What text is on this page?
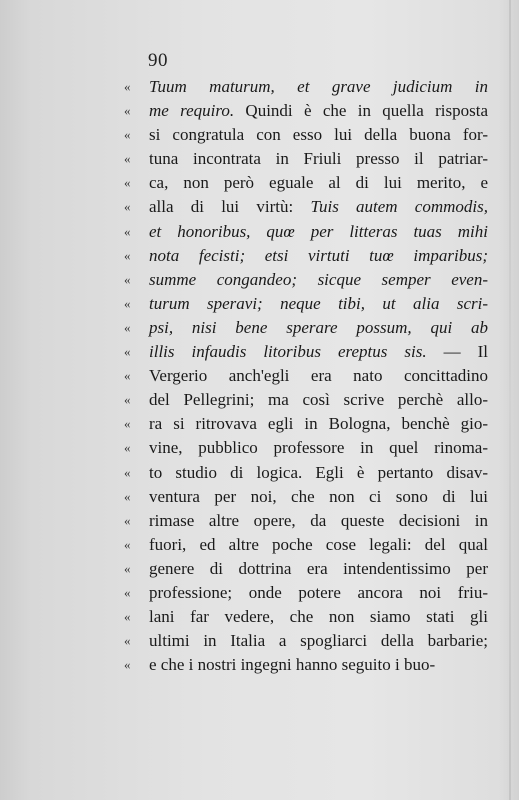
90
« Tuum maturum, et grave judicium in
« me requiro. Quindi è che in quella risposta
« si congratula con esso lui della buona for-
« tuna incontrata in Friuli presso il patriar-
« ca, non però eguale al di lui merito, e
« alla di lui virtù: Tuis autem commodis,
« et honoribus, quœ per litteras tuas mihi
« nota fecisti; etsi virtuti tuœ imparibus;
« summe congandeo; sicque semper even-
« turum speravi; neque tibi, ut alia scri-
« psi, nisi bene sperare possum, qui ab
« illis infaudis litoribus ereptus sis. — Il
« Vergerio anch'egli era nato concittadino
« del Pellegrini; ma così scrive perchè allo-
« ra si ritrovava egli in Bologna, benchè gio-
« vine, pubblico professore in quel rinoma-
« to studio di logica. Egli è pertanto disav-
« ventura per noi, che non ci sono di lui
« rimase altre opere, da queste decisioni in
« fuori, ed altre poche cose legali: del qual
« genere di dottrina era intendentissimo per
« professione; onde potere ancora noi friu-
« lani far vedere, che non siamo stati gli
« ultimi in Italia a spogliarci della barbarie;
« e che i nostri ingegni hanno seguito i buo-
